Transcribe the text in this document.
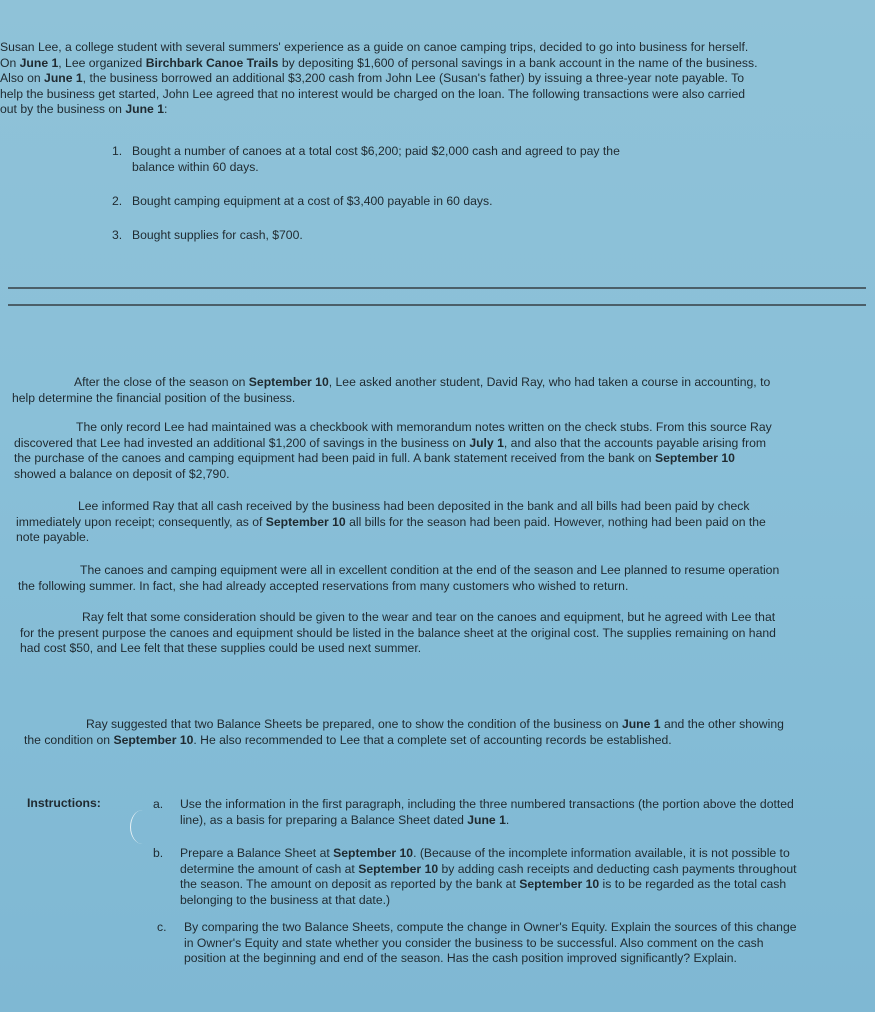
Susan Lee, a college student with several summers' experience as a guide on canoe camping trips, decided to go into business for herself.
On June 1, Lee organized Birchbark Canoe Trails by depositing $1,600 of personal savings in a bank account in the name of the business.
Also on June 1, the business borrowed an additional $3,200 cash from John Lee (Susan's father) by issuing a three-year note payable. To
help the business get started, John Lee agreed that no interest would be charged on the loan. The following transactions were also carried
out by the business on June 1:
1. Bought a number of canoes at a total cost $6,200; paid $2,000 cash and agreed to pay the
balance within 60 days.
2. Bought camping equipment at a cost of $3,400 payable in 60 days.
3. Bought supplies for cash, $700.
After the close of the season on September 10, Lee asked another student, David Ray, who had taken a course in accounting, to
help determine the financial position of the business.
The only record Lee had maintained was a checkbook with memorandum notes written on the check stubs. From this source Ray
discovered that Lee had invested an additional $1,200 of savings in the business on July 1, and also that the accounts payable arising from
the purchase of the canoes and camping equipment had been paid in full. A bank statement received from the bank on September 10
showed a balance on deposit of $2,790.
Lee informed Ray that all cash received by the business had been deposited in the bank and all bills had been paid by check
immediately upon receipt; consequently, as of September 10 all bills for the season had been paid. However, nothing had been paid on the
note payable.
The canoes and camping equipment were all in excellent condition at the end of the season and Lee planned to resume operation
the following summer. In fact, she had already accepted reservations from many customers who wished to return.
Ray felt that some consideration should be given to the wear and tear on the canoes and equipment, but he agreed with Lee that
for the present purpose the canoes and equipment should be listed in the balance sheet at the original cost. The supplies remaining on hand
had cost $50, and Lee felt that these supplies could be used next summer.
Ray suggested that two Balance Sheets be prepared, one to show the condition of the business on June 1 and the other showing
the condition on September 10. He also recommended to Lee that a complete set of accounting records be established.
Instructions:	a. Use the information in the first paragraph, including the three numbered transactions (the portion above the dotted
line), as a basis for preparing a Balance Sheet dated June 1.
b. Prepare a Balance Sheet at September 10. (Because of the incomplete information available, it is not possible to
determine the amount of cash at September 10 by adding cash receipts and deducting cash payments throughout
the season. The amount on deposit as reported by the bank at September 10 is to be regarded as the total cash
belonging to the business at that date.)
c. By comparing the two Balance Sheets, compute the change in Owner's Equity. Explain the sources of this change
in Owner's Equity and state whether you consider the business to be successful. Also comment on the cash
position at the beginning and end of the season. Has the cash position improved significantly? Explain.
